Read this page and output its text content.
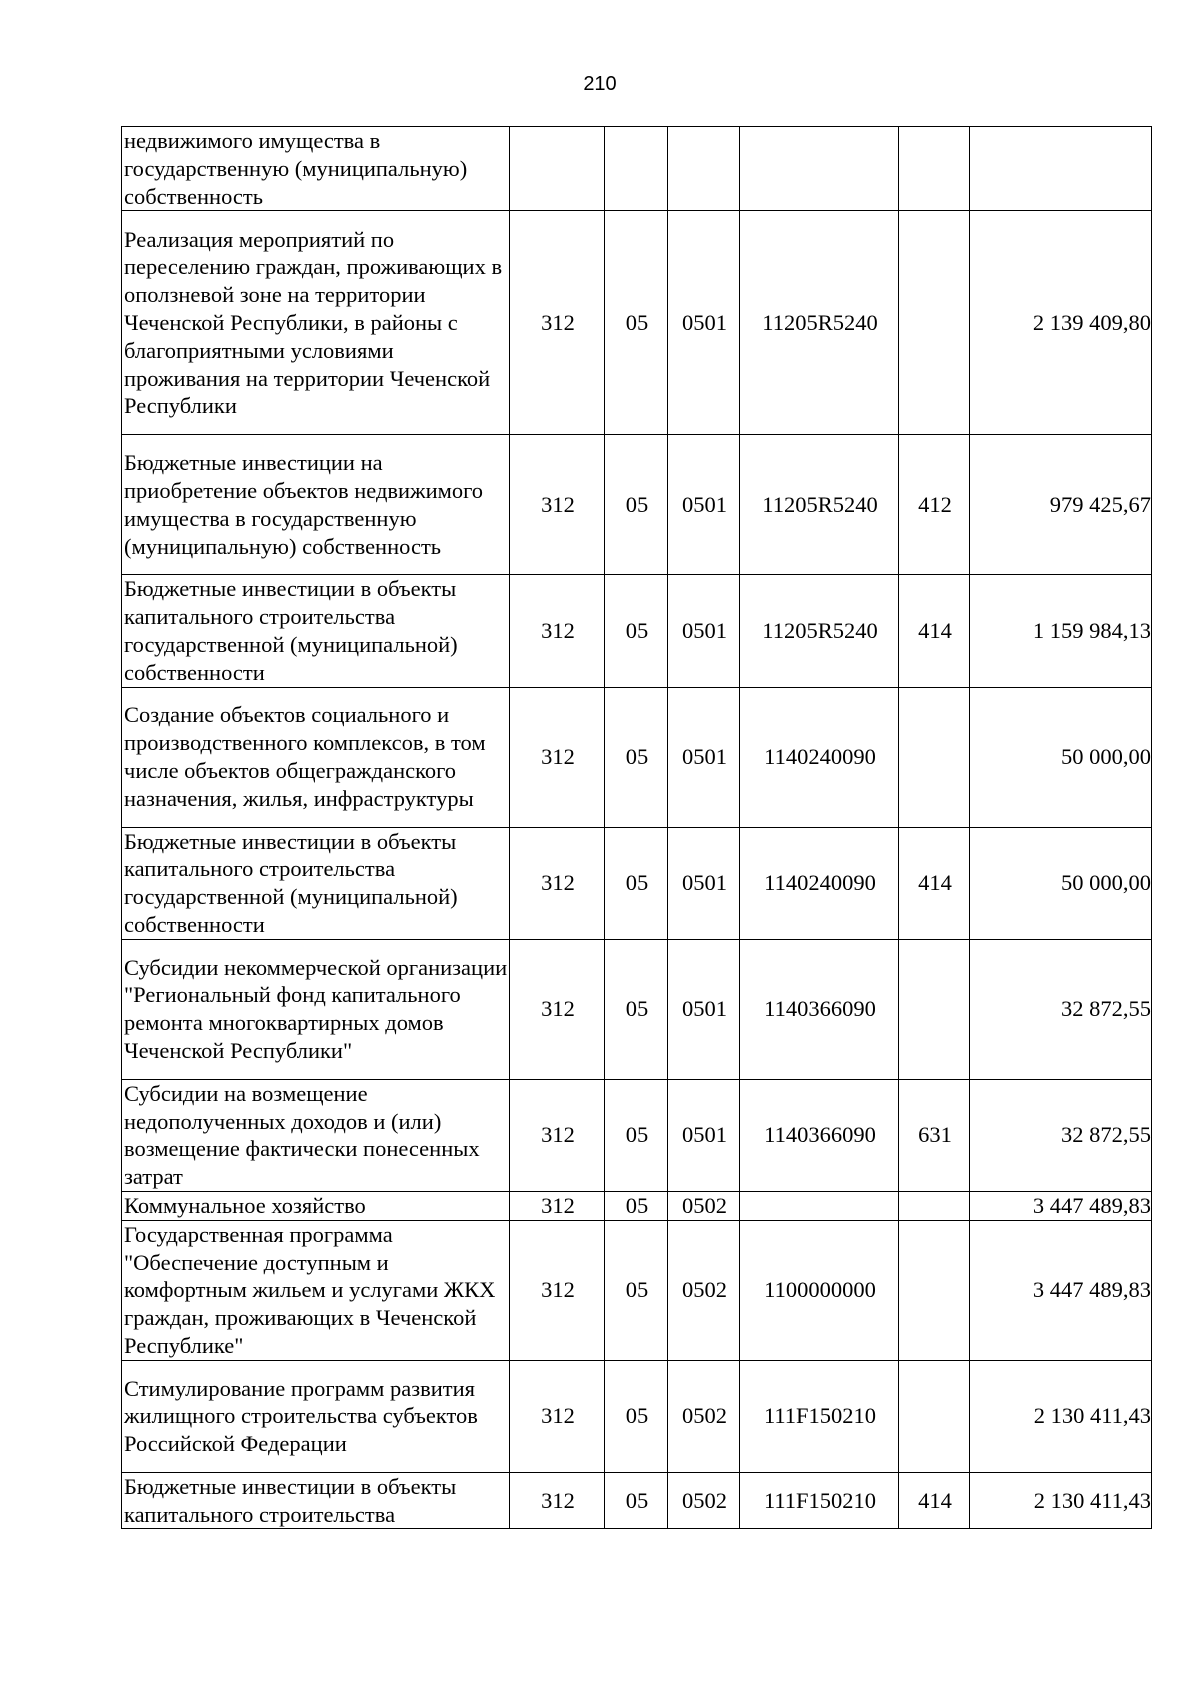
210
недвижимого имущества в государственную (муниципальную) собственность						
Реализация мероприятий по переселению граждан, проживающих в оползневой зоне на территории Чеченской Республики, в районы с благоприятными условиями проживания на территории Чеченской Республики	312	05	0501	11205R5240		2 139 409,80
Бюджетные инвестиции на приобретение объектов недвижимого имущества в государственную (муниципальную) собственность	312	05	0501	11205R5240	412	979 425,67
Бюджетные инвестиции в объекты капитального строительства государственной (муниципальной) собственности	312	05	0501	11205R5240	414	1 159 984,13
Создание объектов социального и производственного комплексов, в том числе объектов общегражданского назначения, жилья, инфраструктуры	312	05	0501	1140240090		50 000,00
Бюджетные инвестиции в объекты капитального строительства государственной (муниципальной) собственности	312	05	0501	1140240090	414	50 000,00
Субсидии некоммерческой организации "Региональный фонд капитального ремонта многоквартирных домов Чеченской Республики"	312	05	0501	1140366090		32 872,55
Субсидии на возмещение недополученных доходов и (или) возмещение фактически понесенных затрат	312	05	0501	1140366090	631	32 872,55
Коммунальное хозяйство	312	05	0502			3 447 489,83
Государственная программа "Обеспечение доступным и комфортным жильем и услугами ЖКХ граждан, проживающих в Чеченской Республике"	312	05	0502	1100000000		3 447 489,83
Стимулирование программ развития жилищного строительства субъектов Российской Федерации	312	05	0502	111F150210		2 130 411,43
Бюджетные инвестиции в объекты капитального строительства	312	05	0502	111F150210	414	2 130 411,43
